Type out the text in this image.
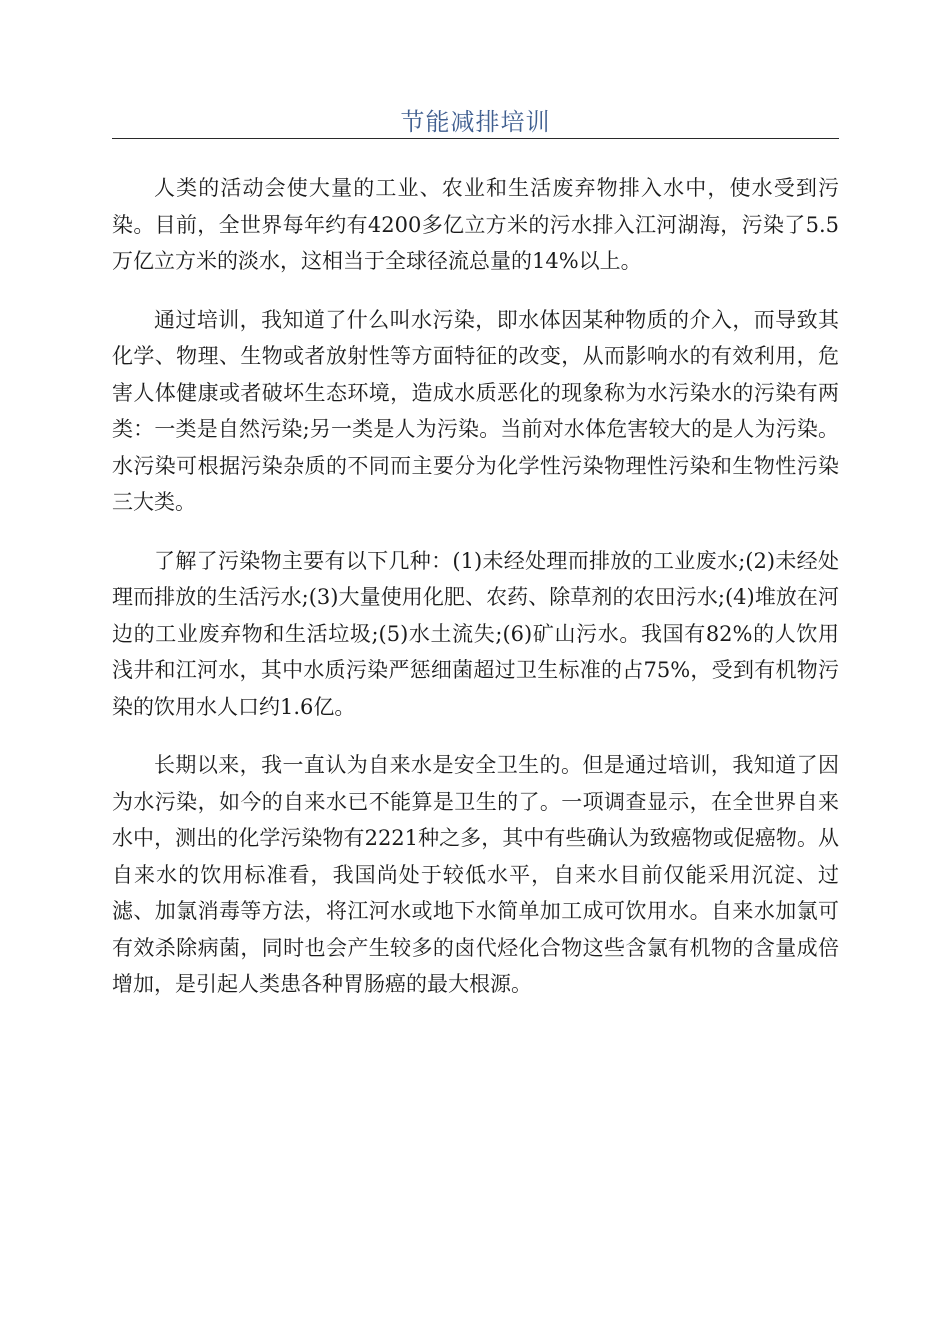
节能减排培训

人类的活动会使大量的工业、农业和生活废弃物排入水中，使水受到污染。目前，全世界每年约有4200多亿立方米的污水排入江河湖海，污染了5.5万亿立方米的淡水，这相当于全球径流总量的14%以上。

通过培训，我知道了什么叫水污染，即水体因某种物质的介入，而导致其化学、物理、生物或者放射性等方面特征的改变，从而影响水的有效利用，危害人体健康或者破坏生态环境，造成水质恶化的现象称为水污染水的污染有两类：一类是自然污染;另一类是人为污染。当前对水体危害较大的是人为污染。水污染可根据污染杂质的不同而主要分为化学性污染物理性污染和生物性污染三大类。

了解了污染物主要有以下几种：(1)未经处理而排放的工业废水;(2)未经处理而排放的生活污水;(3)大量使用化肥、农药、除草剂的农田污水;(4)堆放在河边的工业废弃物和生活垃圾;(5)水土流失;(6)矿山污水。我国有82%的人饮用浅井和江河水，其中水质污染严惩细菌超过卫生标准的占75%，受到有机物污染的饮用水人口约1.6亿。

长期以来，我一直认为自来水是安全卫生的。但是通过培训，我知道了因为水污染，如今的自来水已不能算是卫生的了。一项调查显示，在全世界自来水中，测出的化学污染物有2221种之多，其中有些确认为致癌物或促癌物。从自来水的饮用标准看，我国尚处于较低水平，自来水目前仅能采用沉淀、过滤、加氯消毒等方法，将江河水或地下水简单加工成可饮用水。自来水加氯可有效杀除病菌，同时也会产生较多的卤代烃化合物这些含氯有机物的含量成倍增加，是引起人类患各种胃肠癌的最大根源。
